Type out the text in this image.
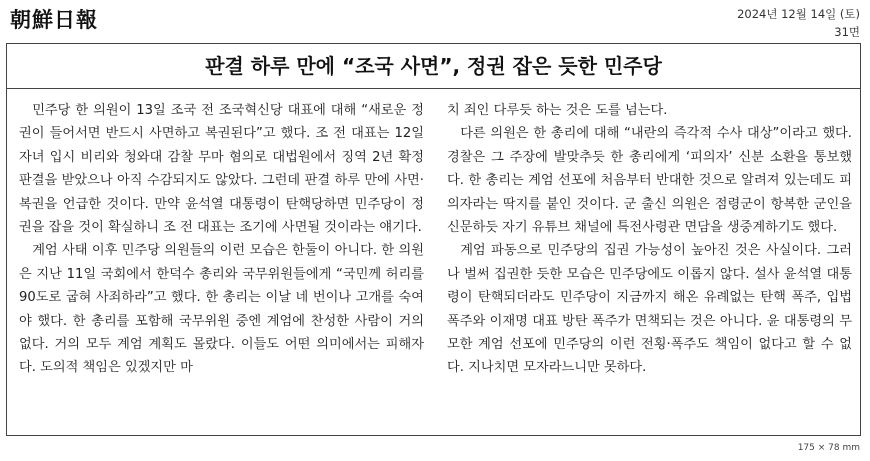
朝鮮日報	2024년 12월 14일 (토)
31면
판결 하루 만에 “조국 사면”, 정권 잡은 듯한 민주당

민주당 한 의원이 13일 조국 전 조국혁신당 대표에 대해 “새로운 정권이 들어서면 반드시 사면하고 복권된다”고 했다. 조 전 대표는 12일 자녀 입시 비리와 청와대 감찰 무마 혐의로 대법원에서 징역 2년 확정판결을 받았으나 아직 수감되지도 않았다. 그런데 판결 하루 만에 사면·복권을 언급한 것이다. 만약 윤석열 대통령이 탄핵당하면 민주당이 정권을 잡을 것이 확실하니 조 전 대표는 조기에 사면될 것이라는 얘기다.

계엄 사태 이후 민주당 의원들의 이런 모습은 한둘이 아니다. 한 의원은 지난 11일 국회에서 한덕수 총리와 국무위원들에게 “국민께 허리를 90도로 굽혀 사죄하라”고 했다. 한 총리는 이날 네 번이나 고개를 숙여야 했다. 한 총리를 포함해 국무위원 중엔 계엄에 찬성한 사람이 거의 없다. 거의 모두 계엄 계획도 몰랐다. 이들도 어떤 의미에서는 피해자다. 도의적 책임은 있겠지만 마

치 죄인 다루듯 하는 것은 도를 넘는다.

다른 의원은 한 총리에 대해 “내란의 즉각적 수사 대상”이라고 했다. 경찰은 그 주장에 발맞추듯 한 총리에게 ‘피의자’ 신분 소환을 통보했다. 한 총리는 계엄 선포에 처음부터 반대한 것으로 알려져 있는데도 피의자라는 딱지를 붙인 것이다. 군 출신 의원은 점령군이 항복한 군인을 신문하듯 자기 유튜브 채널에 특전사령관 면담을 생중계하기도 했다.

계엄 파동으로 민주당의 집권 가능성이 높아진 것은 사실이다. 그러나 벌써 집권한 듯한 모습은 민주당에도 이롭지 않다. 설사 윤석열 대통령이 탄핵되더라도 민주당이 지금까지 해온 유례없는 탄핵 폭주, 입법 폭주와 이재명 대표 방탄 폭주가 면책되는 것은 아니다. 윤 대통령의 무모한 계엄 선포에 민주당의 이런 전횡·폭주도 책임이 없다고 할 수 없다. 지나치면 모자라느니만 못하다.

175 × 78 mm
